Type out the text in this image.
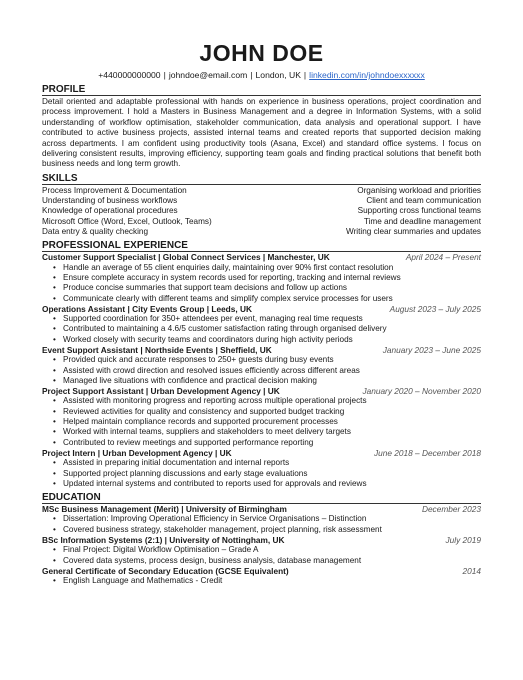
JOHN DOE
+440000000000 | johndoe@email.com | London, UK | linkedin.com/in/johndoexxxxxx
PROFILE
Detail oriented and adaptable professional with hands on experience in business operations, project coordination and process improvement. I hold a Masters in Business Management and a degree in Information Systems, with a solid understanding of workflow optimisation, stakeholder communication, data analysis and operational support. I have contributed to active business projects, assisted internal teams and created reports that supported decision making across departments. I am confident using productivity tools (Asana, Excel) and standard office systems. I focus on delivering consistent results, improving efficiency, supporting team goals and finding practical solutions that benefit both business needs and long term growth.
SKILLS
Process Improvement & Documentation	Organising workload and priorities
Understanding of business workflows	Client and team communication
Knowledge of operational procedures	Supporting cross functional teams
Microsoft Office (Word, Excel, Outlook, Teams)	Time and deadline management
Data entry & quality checking	Writing clear summaries and updates
PROFESSIONAL EXPERIENCE
Customer Support Specialist | Global Connect Services | Manchester, UK	April 2024 – Present
• Handle an average of 55 client enquiries daily, maintaining over 90% first contact resolution
• Ensure complete accuracy in system records used for reporting, tracking and internal reviews
• Produce concise summaries that support team decisions and follow up actions
• Communicate clearly with different teams and simplify complex service processes for users
Operations Assistant | City Events Group | Leeds, UK	August 2023 – July 2025
• Supported coordination for 350+ attendees per event, managing real time requests
• Contributed to maintaining a 4.6/5 customer satisfaction rating through organised delivery
• Worked closely with security teams and coordinators during high activity periods
Event Support Assistant | Northside Events | Sheffield, UK	January 2023 – June 2025
• Provided quick and accurate responses to 250+ guests during busy events
• Assisted with crowd direction and resolved issues efficiently across different areas
• Managed live situations with confidence and practical decision making
Project Support Assistant | Urban Development Agency | UK	January 2020 – November 2020
• Assisted with monitoring progress and reporting across multiple operational projects
• Reviewed activities for quality and consistency and supported budget tracking
• Helped maintain compliance records and supported procurement processes
• Worked with internal teams, suppliers and stakeholders to meet delivery targets
• Contributed to review meetings and supported performance reporting
Project Intern | Urban Development Agency | UK	June 2018 – December 2018
• Assisted in preparing initial documentation and internal reports
• Supported project planning discussions and early stage evaluations
• Updated internal systems and contributed to reports used for approvals and reviews
EDUCATION
MSc Business Management (Merit) | University of Birmingham	December 2023
• Dissertation: Improving Operational Efficiency in Service Organisations – Distinction
• Covered business strategy, stakeholder management, project planning, risk assessment
BSc Information Systems (2:1) | University of Nottingham, UK	July 2019
• Final Project: Digital Workflow Optimisation – Grade A
• Covered data systems, process design, business analysis, database management
General Certificate of Secondary Education (GCSE Equivalent)	2014
• English Language and Mathematics - Credit
